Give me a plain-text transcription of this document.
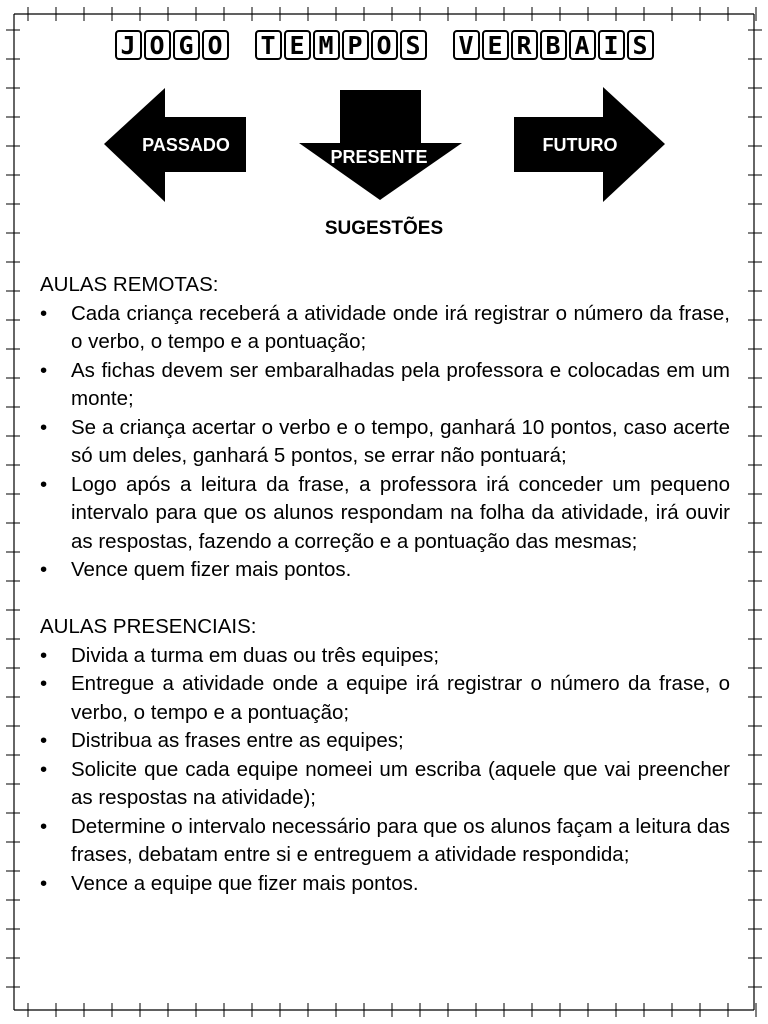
J O G O T E M P O S V E R B A I S
PASSADO
PRESENTE
FUTURO
SUGESTÕES
AULAS REMOTAS:
• Cada criança receberá a atividade onde irá registrar o número da frase, o verbo, o tempo e a pontuação;
• As fichas devem ser embaralhadas pela professora e colocadas em um monte;
• Se a criança acertar o verbo e o tempo, ganhará 10 pontos, caso acerte só um deles, ganhará 5 pontos, se errar não pontuará;
• Logo após a leitura da frase, a professora irá conceder um pequeno intervalo para que os alunos respondam na folha da atividade, irá ouvir as respostas, fazendo a correção e a pontuação das mesmas;
• Vence quem fizer mais pontos.
AULAS PRESENCIAIS:
• Divida a turma em duas ou três equipes;
• Entregue a atividade onde a equipe irá registrar o número da frase, o verbo, o tempo e a pontuação;
• Distribua as frases entre as equipes;
• Solicite que cada equipe nomeei um escriba (aquele que vai preencher as respostas na atividade);
• Determine o intervalo necessário para que os alunos façam a leitura das frases, debatam entre si e entreguem a atividade respondida;
• Vence a equipe que fizer mais pontos.
